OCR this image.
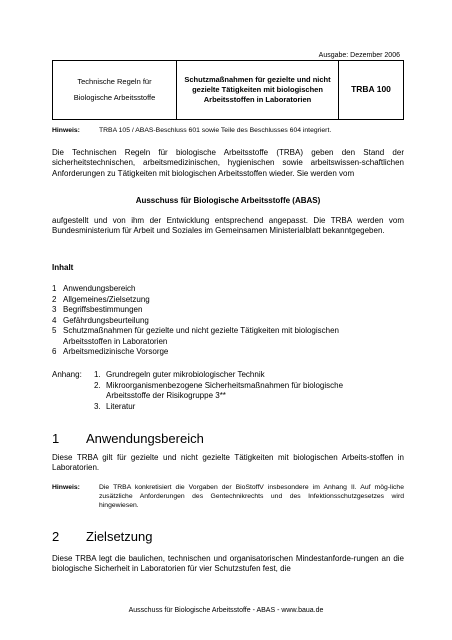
Ausgabe: Dezember 2006
Technische Regeln für
Biologische Arbeitsstoffe
	Schutzmaßnahmen für gezielte und nicht gezielte Tätigkeiten mit biologischen Arbeitsstoffen in Laboratorien	TRBA 100
Hinweis:	TRBA 105 / ABAS-Beschluss 601 sowie Teile des Beschlusses 604 integriert.
Die Technischen Regeln für biologische Arbeitsstoffe (TRBA) geben den Stand der sicherheitstechnischen, arbeitsmedizinischen, hygienischen sowie arbeitswissen-schaftlichen Anforderungen zu Tätigkeiten mit biologischen Arbeitsstoffen wieder. Sie werden vom
Ausschuss für Biologische Arbeitsstoffe (ABAS)
aufgestellt und von ihm der Entwicklung entsprechend angepasst. Die TRBA werden vom Bundesministerium für Arbeit und Soziales im Gemeinsamen Ministerialblatt bekanntgegeben.
Inhalt
1 Anwendungsbereich
2 Allgemeines/Zielsetzung
3 Begriffsbestimmungen
4 Gefährdungsbeurteilung
5 Schutzmaßnahmen für gezielte und nicht gezielte Tätigkeiten mit biologischen
Arbeitsstoffen in Laboratorien
6 Arbeitsmedizinische Vorsorge
Anhang: 1. Grundregeln guter mikrobiologischer Technik
2. Mikroorganismenbezogene Sicherheitsmaßnahmen für biologische
Arbeitsstoffe der Risikogruppe 3**
3. Literatur
1 Anwendungsbereich
Diese TRBA gilt für gezielte und nicht gezielte Tätigkeiten mit biologischen Arbeits-stoffen in Laboratorien.
Hinweis:	Die TRBA konkretisiert die Vorgaben der BioStoffV insbesondere im Anhang II. Auf mög-liche zusätzliche Anforderungen des Gentechnikrechts und des Infektionsschutzgesetzes wird hingewiesen.
2 Zielsetzung
Diese TRBA legt die baulichen, technischen und organisatorischen Mindestanforde-rungen an die biologische Sicherheit in Laboratorien für vier Schutzstufen fest, die
Ausschuss für Biologische Arbeitsstoffe - ABAS - www.baua.de
